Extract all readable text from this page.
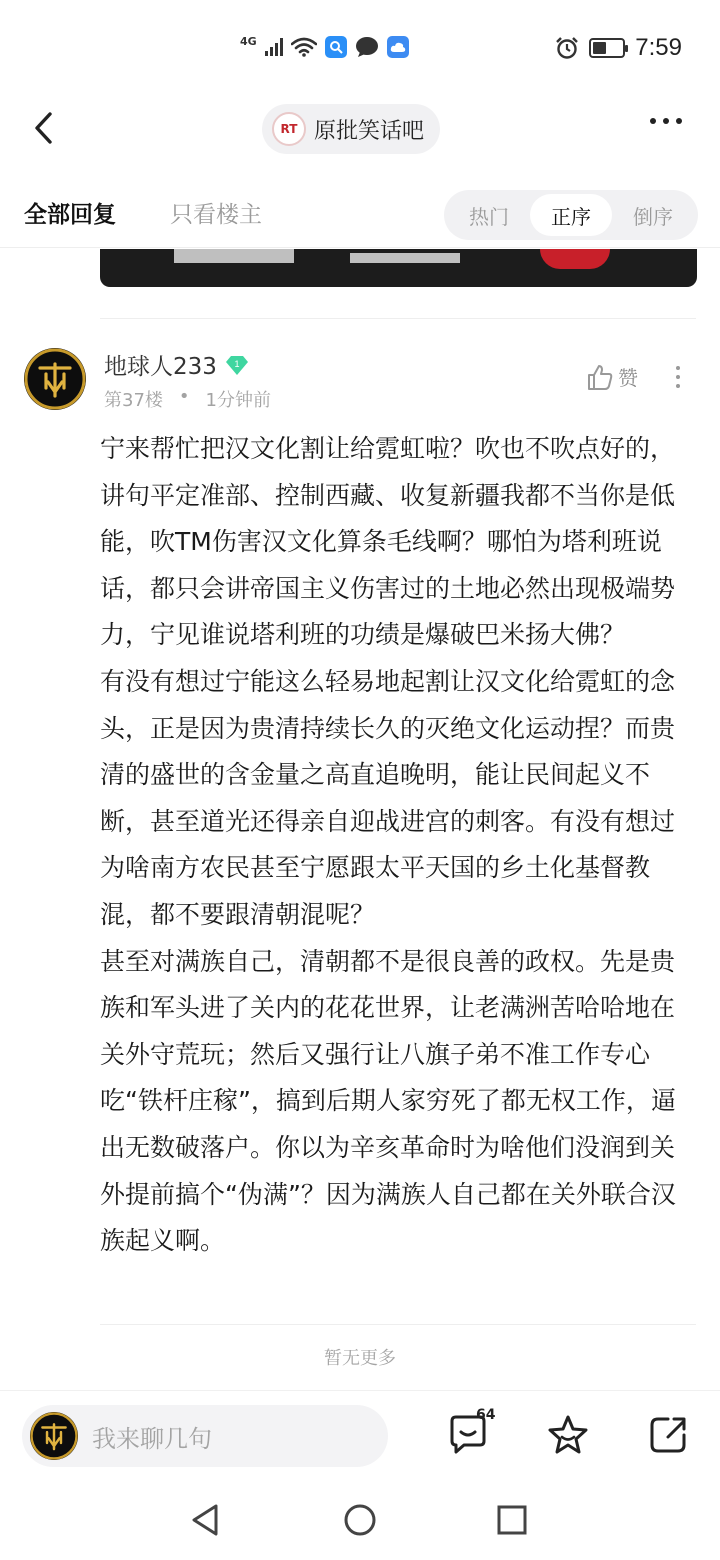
4G	7:59
RT 原批笑话吧
全部回复 只看楼主	热门	正序	倒序
地球人233 1
第37楼 • 1分钟前
赞

宁来帮忙把汉文化割让给霓虹啦？吹也不吹点好的，讲句平定准部、控制西藏、收复新疆我都不当你是低能，吹TM伤害汉文化算条毛线啊？哪怕为塔利班说话，都只会讲帝国主义伤害过的土地必然出现极端势力，宁见谁说塔利班的功绩是爆破巴米扬大佛？

有没有想过宁能这么轻易地起割让汉文化给霓虹的念头，正是因为贵清持续长久的灭绝文化运动捏？而贵清的盛世的含金量之高直追晚明，能让民间起义不断，甚至道光还得亲自迎战进宫的刺客。有没有想过为啥南方农民甚至宁愿跟太平天国的乡土化基督教混，都不要跟清朝混呢？

甚至对满族自己，清朝都不是很良善的政权。先是贵族和军头进了关内的花花世界，让老满洲苦哈哈地在关外守荒玩；然后又强行让八旗子弟不准工作专心吃“铁杆庄稼”，搞到后期人家穷死了都无权工作，逼出无数破落户。你以为辛亥革命时为啥他们没润到关外提前搞个“伪满”？因为满族人自己都在关外联合汉族起义啊。

暂无更多
我来聊几句
64
